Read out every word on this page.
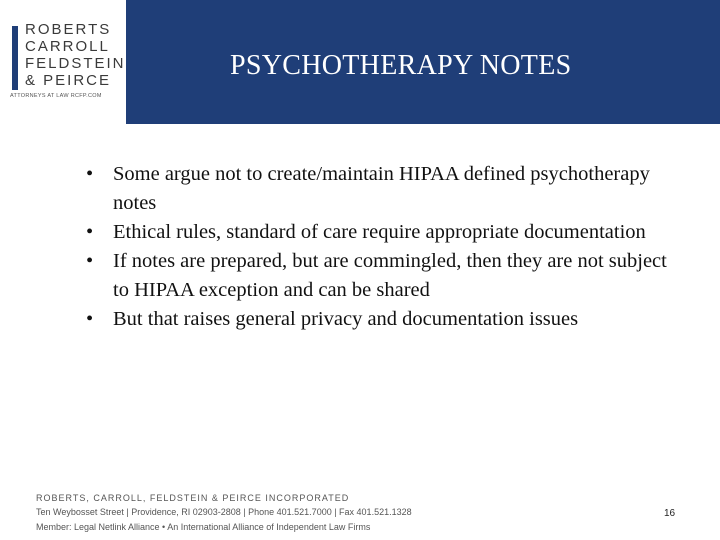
ROBERTS
CARROLL
FELDSTEIN
& PEIRCE
ATTORNEYS AT LAW RCFP.COM
PSYCHOTHERAPY NOTES
• Some argue not to create/maintain HIPAA defined psychotherapy notes
• Ethical rules, standard of care require appropriate documentation
• If notes are prepared, but are commingled, then they are not subject to HIPAA exception and can be shared
• But that raises general privacy and documentation issues
ROBERTS, CARROLL, FELDSTEIN & PEIRCE INCORPORATED
Ten Weybosset Street | Providence, RI 02903-2808 | Phone 401.521.7000 | Fax 401.521.1328
Member: Legal Netlink Alliance • An International Alliance of Independent Law Firms
16
